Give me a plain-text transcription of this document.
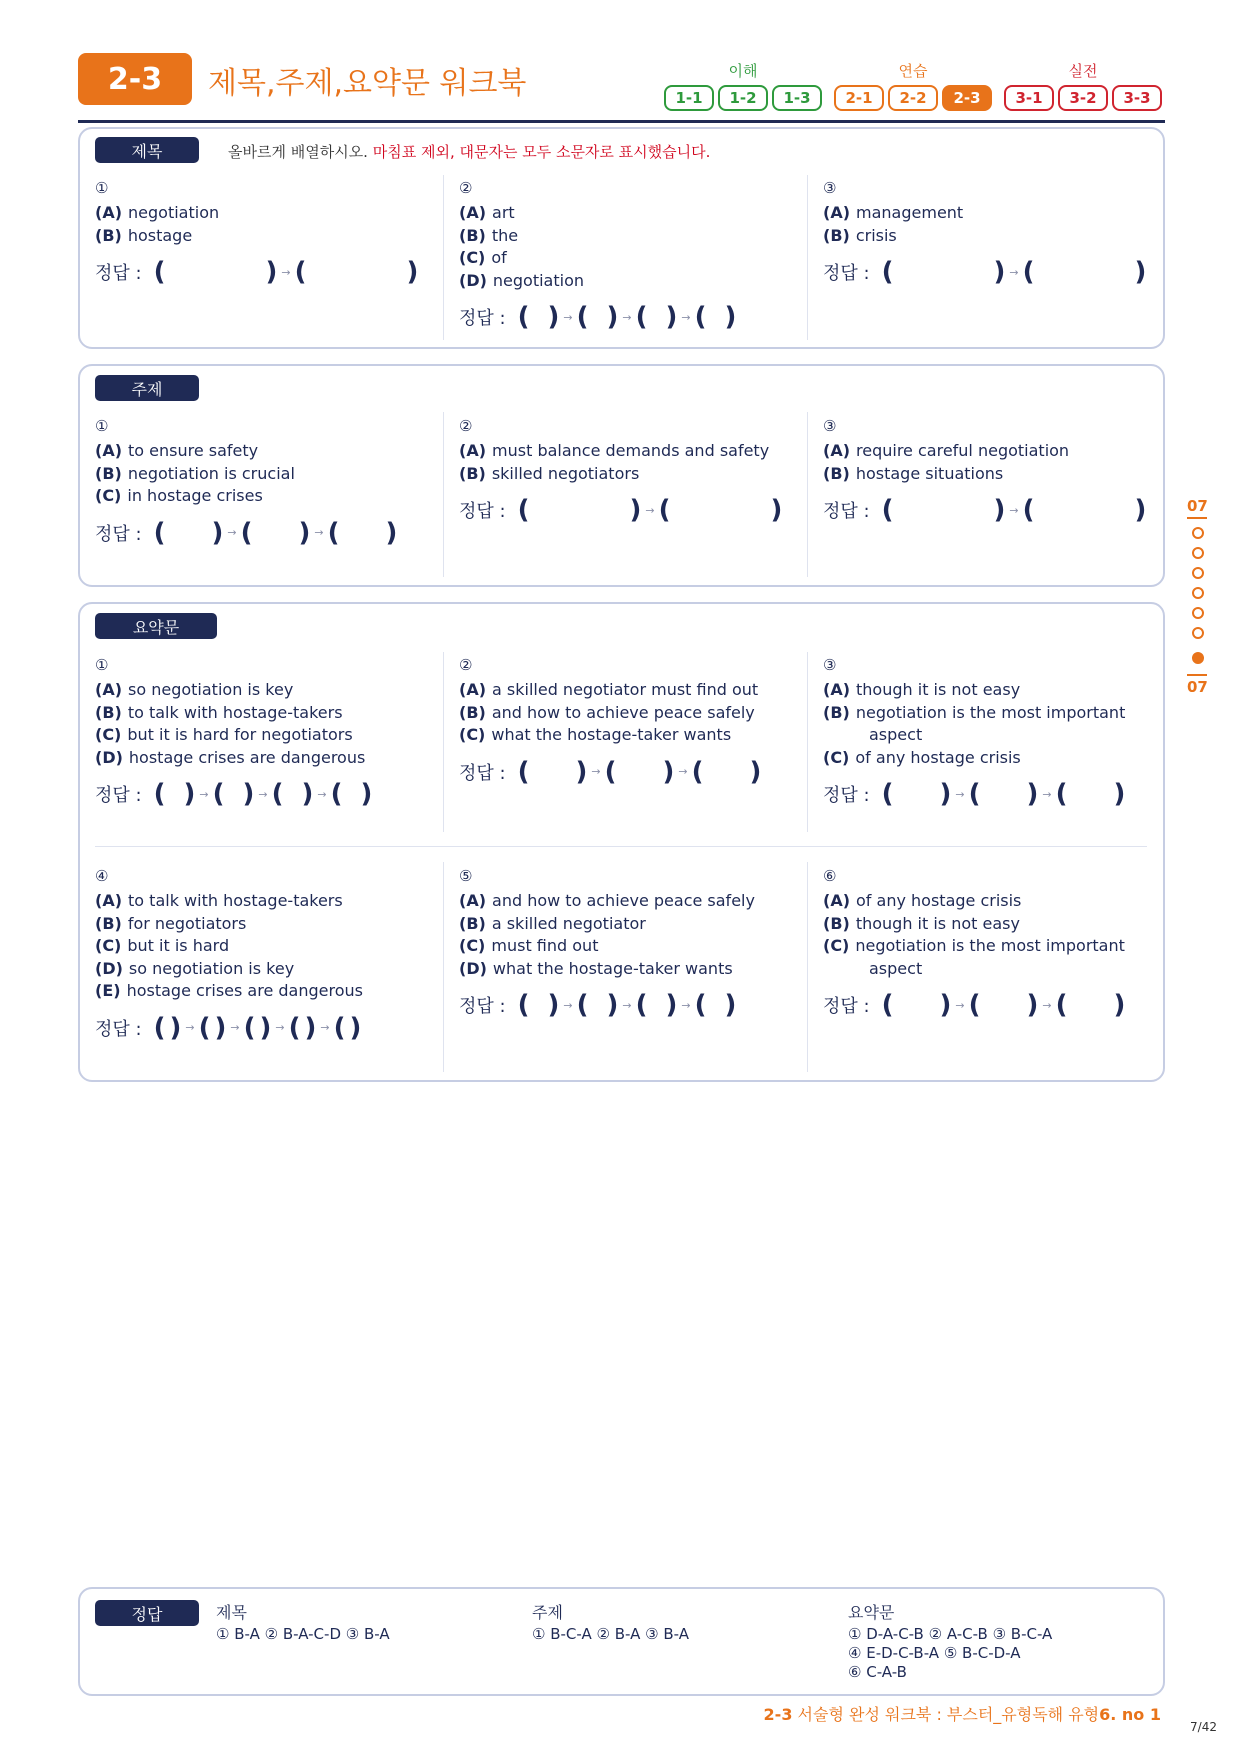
2-3	제목,주제,요약문 워크북	이해	연습	실전
1-1	1-2	1-3	2-1	2-2	2-3	3-1	3-2	3-3
제목	올바르게 배열하시오. 마침표 제외, 대문자는 모두 소문자로 표시했습니다.
①
(A) negotiation
(B) hostage
정답 : (	) → (	)
②
(A) art
(B) the
(C) of
(D) negotiation
정답 : ( ) → ( ) → ( ) → ( )
③
(A) management
(B) crisis
정답 : (	) → (	)
주제
①
(A) to ensure safety
(B) negotiation is crucial
(C) in hostage crises
정답 : ( ) → ( ) → ( )
②
(A) must balance demands and safety
(B) skilled negotiators
정답 : (	) → (	)
③
(A) require careful negotiation
(B) hostage situations
정답 : (	) → (	)
요약문
①
(A) so negotiation is key
(B) to talk with hostage-takers
(C) but it is hard for negotiators
(D) hostage crises are dangerous
정답 : ( ) → ( ) → ( ) → ( )
②
(A) a skilled negotiator must find out
(B) and how to achieve peace safely
(C) what the hostage-taker wants
정답 : ( ) → ( ) → ( )
③
(A) though it is not easy
(B) negotiation is the most important
aspect
(C) of any hostage crisis
정답 : ( ) → ( ) → ( )
④
(A) to talk with hostage-takers
(B) for negotiators
(C) but it is hard
(D) so negotiation is key
(E) hostage crises are dangerous
정답 : ( ) → ( ) → ( ) → ( ) → ( )
⑤
(A) and how to achieve peace safely
(B) a skilled negotiator
(C) must find out
(D) what the hostage-taker wants
정답 : ( ) → ( ) → ( ) → ( )
⑥
(A) of any hostage crisis
(B) though it is not easy
(C) negotiation is the most important
aspect
정답 : ( ) → ( ) → ( )
07
07
정답	제목
① B-A ② B-A-C-D ③ B-A
주제
① B-C-A ② B-A ③ B-A
요약문
① D-A-C-B ② A-C-B ③ B-C-A
④ E-D-C-B-A ⑤ B-C-D-A
⑥ C-A-B
2-3 서술형 완성 워크북 : 부스터_유형독해 유형6. no 1
7/42
